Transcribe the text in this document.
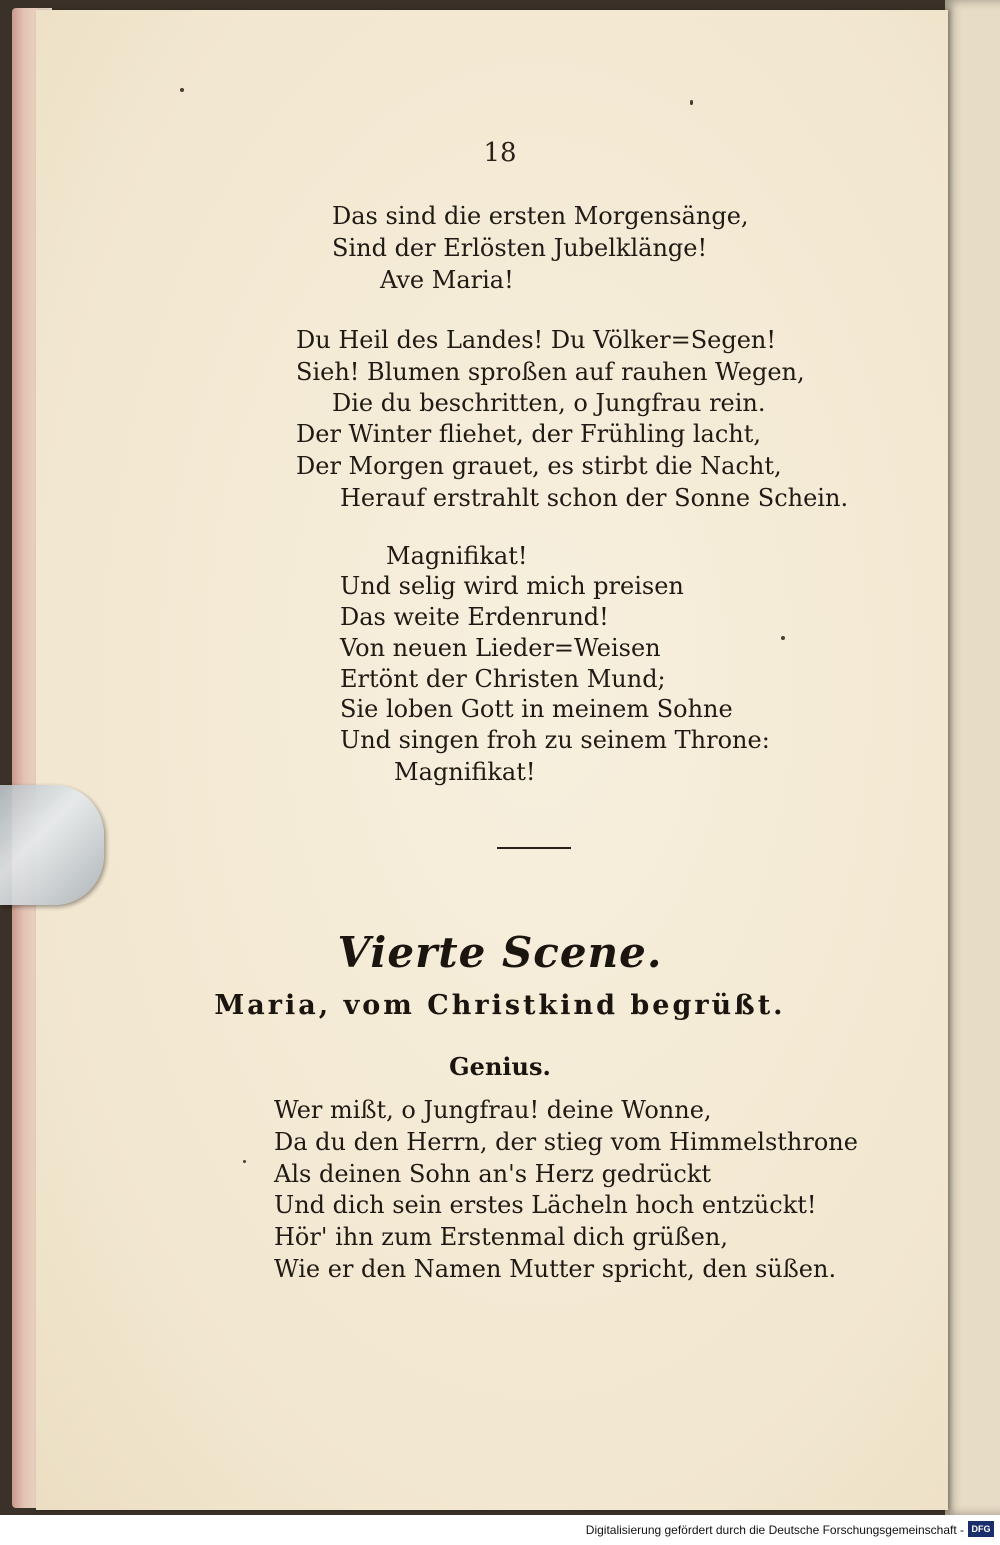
18
Das sind die ersten Morgensänge,
Sind der Erlösten Jubelklänge!
Ave Maria!
Du Heil des Landes! Du Völker=Segen!
Sieh! Blumen sproßen auf rauhen Wegen,
Die du beschritten, o Jungfrau rein.
Der Winter fliehet, der Frühling lacht,
Der Morgen grauet, es stirbt die Nacht,
Herauf erstrahlt schon der Sonne Schein.
Magnifikat!
Und selig wird mich preisen
Das weite Erdenrund!
Von neuen Lieder=Weisen
Ertönt der Christen Mund;
Sie loben Gott in meinem Sohne
Und singen froh zu seinem Throne:
Magnifikat!
Vierte Scene.
Maria, vom Christkind begrüßt.
Genius.
Wer mißt, o Jungfrau! deine Wonne,
Da du den Herrn, der stieg vom Himmelsthrone
Als deinen Sohn an's Herz gedrückt
Und dich sein erstes Lächeln hoch entzückt!
Hör' ihn zum Erstenmal dich grüßen,
Wie er den Namen Mutter spricht, den süßen.
Digitalisierung gefördert durch die Deutsche Forschungsgemeinschaft - DFG
